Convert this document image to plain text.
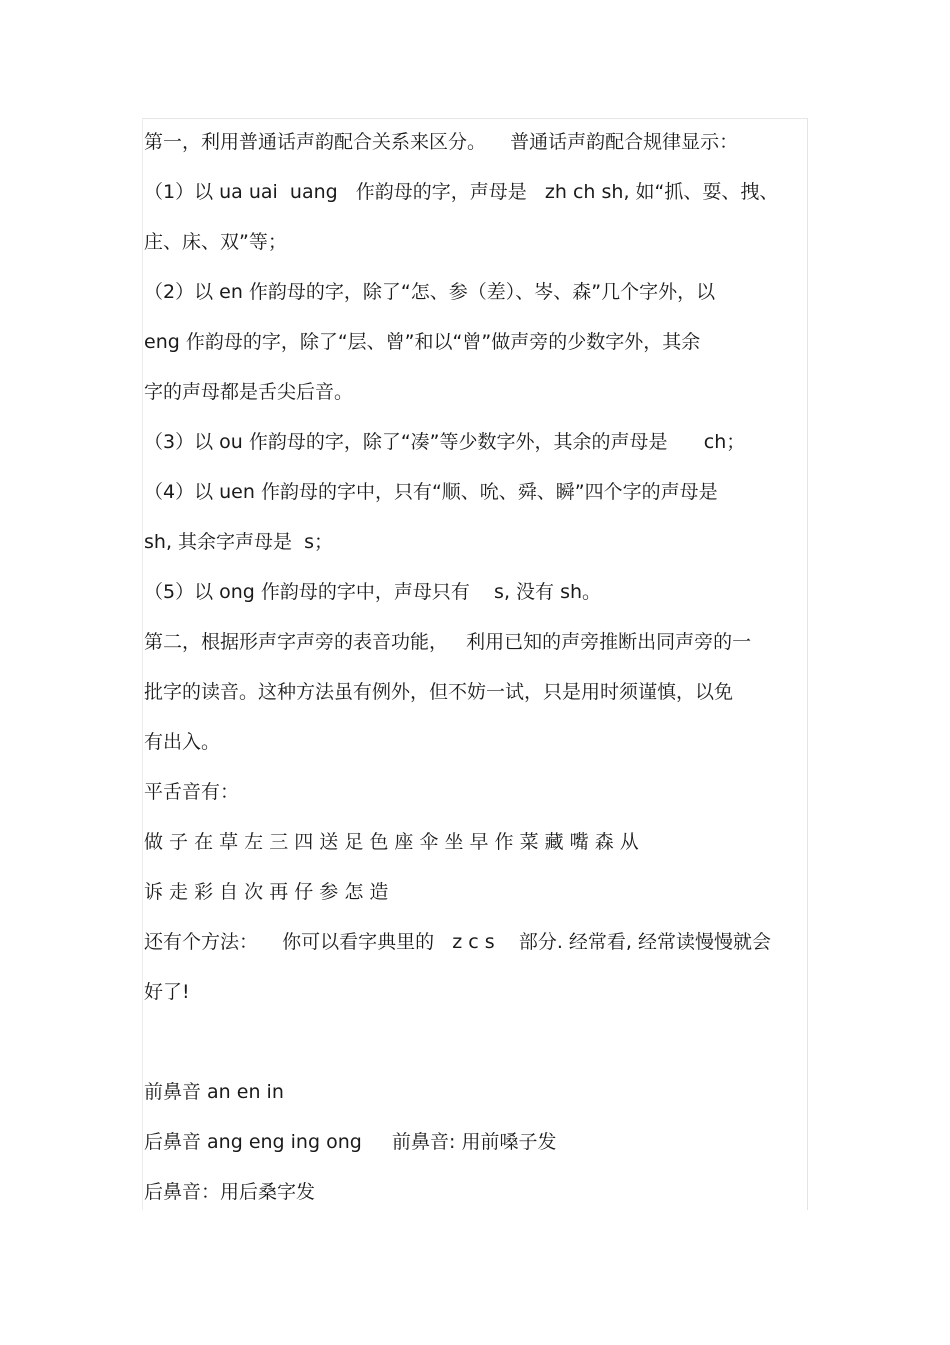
第一，利用普通话声韵配合关系来区分。    普通话声韵配合规律显示：
（1）以 ua uai  uang   作韵母的字，声母是   zh ch sh, 如“抓、耍、拽、
庄、床、双”等；
（2）以 en 作韵母的字，除了“怎、参（差）、岑、森”几个字外，以
eng 作韵母的字，除了“层、曾”和以“曾”做声旁的少数字外，其余
字的声母都是舌尖后音。
（3）以 ou 作韵母的字，除了“凑”等少数字外，其余的声母是      ch；
（4）以 uen 作韵母的字中，只有“顺、吮、舜、瞬”四个字的声母是
sh, 其余字声母是  s；
（5）以 ong 作韵母的字中，声母只有    s, 没有 sh。
第二，根据形声字声旁的表音功能，   利用已知的声旁推断出同声旁的一
批字的读音。这种方法虽有例外，但不妨一试，只是用时须谨慎，以免
有出入。
平舌音有：
做 子 在 草 左 三 四 送 足 色 座 伞 坐 早 作 菜 藏 嘴 森 从
诉 走 彩 自 次 再 仔 参 怎 造
还有个方法：    你可以看字典里的   z c s    部分. 经常看, 经常读慢慢就会
好了!
前鼻音 an en in
后鼻音 ang eng ing ong     前鼻音: 用前嗓子发
后鼻音：用后桑字发
